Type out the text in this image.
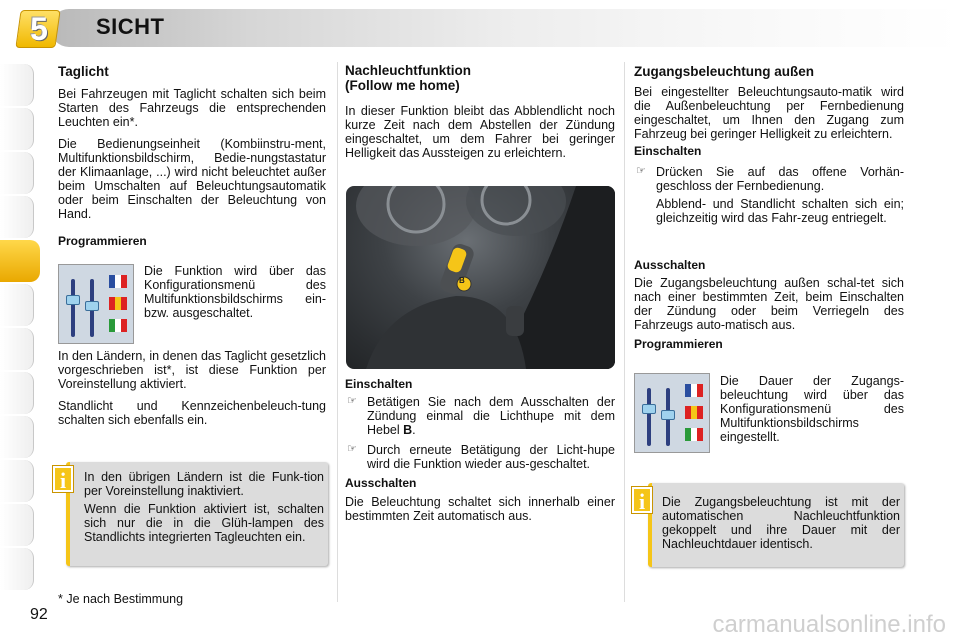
5	SICHT
Taglicht

Bei Fahrzeugen mit Taglicht schalten sich beim Starten des Fahrzeugs die entsprechenden Leuchten ein*.

Die Bedienungseinheit (Kombiinstru-ment, Multifunktionsbildschirm, Bedie-nungstastatur der Klimaanlage, ...) wird nicht beleuchtet außer beim Umschalten auf Beleuchtungsautomatik oder beim Einschalten der Beleuchtung von Hand.

Programmieren

Die Funktion wird über das Konfigurationsmenü des Multifunktionsbildschirms ein- bzw. ausgeschaltet.

In den Ländern, in denen das Taglicht gesetzlich vorgeschrieben ist*, ist diese Funktion per Voreinstellung aktiviert.

Standlicht und Kennzeichenbeleuch-tung schalten sich ebenfalls ein.

In den übrigen Ländern ist die Funk-tion per Voreinstellung inaktiviert.

Wenn die Funktion aktiviert ist, schalten sich nur die in die Glüh-lampen des Standlichts integrierten Tagleuchten ein.

i
* Je nach Bestimmung
92
Nachleuchtfunktion
(Follow me home)

In dieser Funktion bleibt das Abblendlicht noch kurze Zeit nach dem Abstellen der Zündung eingeschaltet, um dem Fahrer bei geringer Helligkeit das Aussteigen zu erleichtern.

B
Einschalten
☞ Betätigen Sie nach dem Ausschalten der Zündung einmal die Lichthupe mit dem Hebel B.
☞ Durch erneute Betätigung der Licht-hupe wird die Funktion wieder aus-geschaltet.
Ausschalten

Die Beleuchtung schaltet sich innerhalb einer bestimmten Zeit automatisch aus.

Zugangsbeleuchtung außen

Bei eingestellter Beleuchtungsauto-matik wird die Außenbeleuchtung per Fernbedienung eingeschaltet, um Ihnen den Zugang zum Fahrzeug bei geringer Helligkeit zu erleichtern.

Einschalten
☞ Drücken Sie auf das offene Vorhän-geschloss der Fernbedienung.

Abblend- und Standlicht schalten sich ein; gleichzeitig wird das Fahr-zeug entriegelt.

Ausschalten

Die Zugangsbeleuchtung außen schal-tet sich nach einer bestimmten Zeit, beim Einschalten der Zündung oder beim Verriegeln des Fahrzeugs auto-matisch aus.

Programmieren

Die Dauer der Zugangs-beleuchtung wird über das Konfigurationsmenü des Multifunktionsbildschirms eingestellt.

Die Zugangsbeleuchtung ist mit der automatischen Nachleuchtfunktion gekoppelt und ihre Dauer mit der Nachleuchtdauer identisch.

i
carmanualsonline.info
